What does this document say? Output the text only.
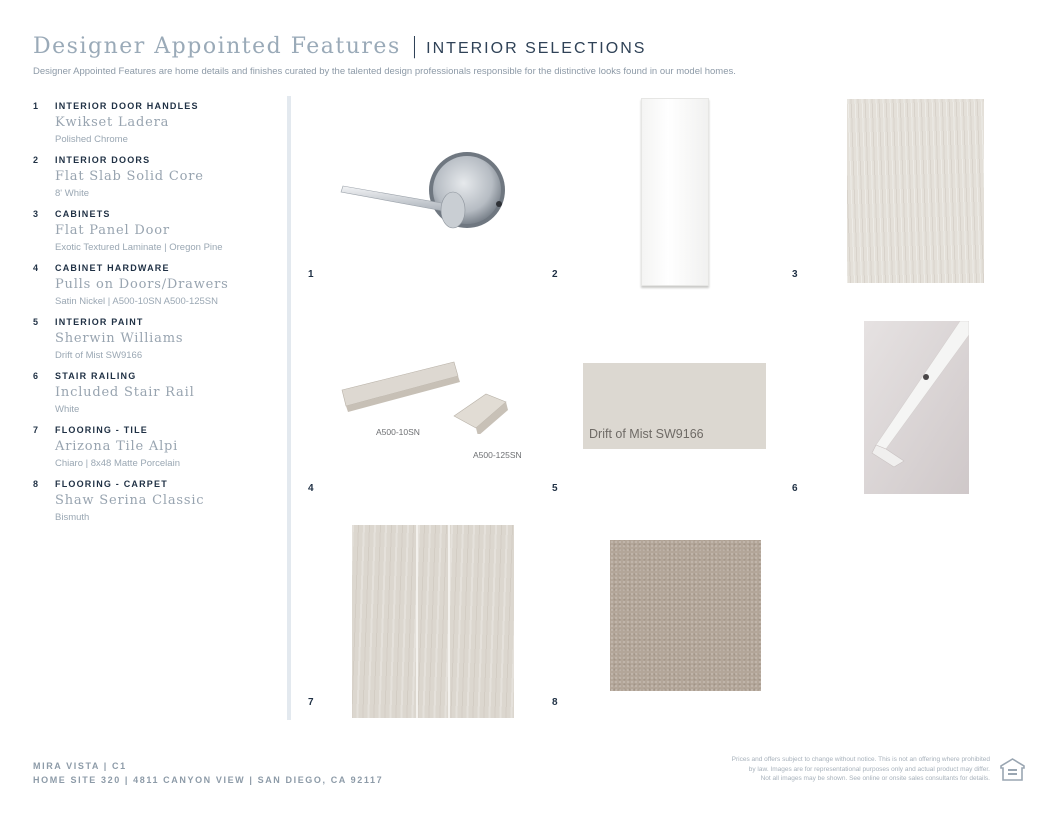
Designer Appointed Features | INTERIOR SELECTIONS
Designer Appointed Features are home details and finishes curated by the talented design professionals responsible for the distinctive looks found in our model homes.
1 INTERIOR DOOR HANDLES
Kwikset Ladera
Polished Chrome
2 INTERIOR DOORS
Flat Slab Solid Core
8' White
3 CABINETS
Flat Panel Door
Exotic Textured Laminate | Oregon Pine
4 CABINET HARDWARE
Pulls on Doors/Drawers
Satin Nickel | A500-10SN A500-125SN
5 INTERIOR PAINT
Sherwin Williams
Drift of Mist SW9166
6 STAIR RAILING
Included Stair Rail
White
7 FLOORING - TILE
Arizona Tile Alpi
Chiaro | 8x48 Matte Porcelain
8 FLOORING - CARPET
Shaw Serina Classic
Bismuth
1	2	3
A500-10SN
A500-125SN
4
Drift of Mist SW9166
5	6
7	8
MIRA VISTA | C1
HOME SITE 320 | 4811 CANYON VIEW | SAN DIEGO, CA 92117
Prices and offers subject to change without notice. This is not an offering where prohibited
by law. Images are for representational purposes only and actual product may differ.
Not all images may be shown. See online or onsite sales consultants for details.
